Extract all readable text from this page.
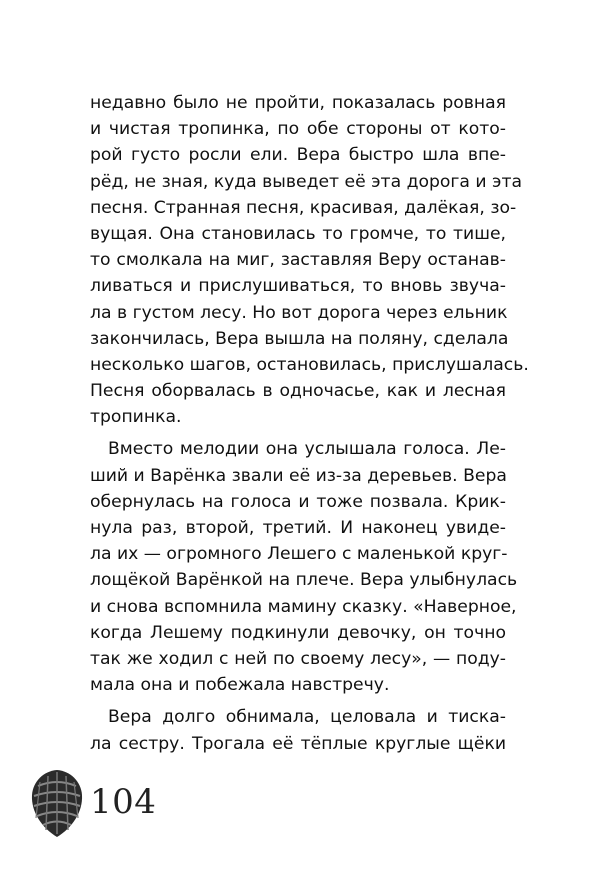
недавно было не пройти, показалась ровная
и чистая тропинка, по обе стороны от кото-
рой густо росли ели. Вера быстро шла впе-
рёд, не зная, куда выведет её эта дорога и эта
песня. Странная песня, красивая, далёкая, зо-
вущая. Она становилась то громче, то тише,
то смолкала на миг, заставляя Веру останав-
ливаться и прислушиваться, то вновь звуча-
ла в густом лесу. Но вот дорога через ельник
закончилась, Вера вышла на поляну, сделала
несколько шагов, остановилась, прислушалась.
Песня оборвалась в одночасье, как и лесная
тропинка.
Вместо мелодии она услышала голоса. Ле-
ший и Варёнка звали её из-за деревьев. Вера
обернулась на голоса и тоже позвала. Крик-
нула раз, второй, третий. И наконец увиде-
ла их — огромного Лешего с маленькой круг-
лощёкой Варёнкой на плече. Вера улыбнулась
и снова вспомнила мамину сказку. «Наверное,
когда Лешему подкинули девочку, он точно
так же ходил с ней по своему лесу», — поду-
мала она и побежала навстречу.
Вера долго обнимала, целовала и тиска-
ла сестру. Трогала её тёплые круглые щёки
104
